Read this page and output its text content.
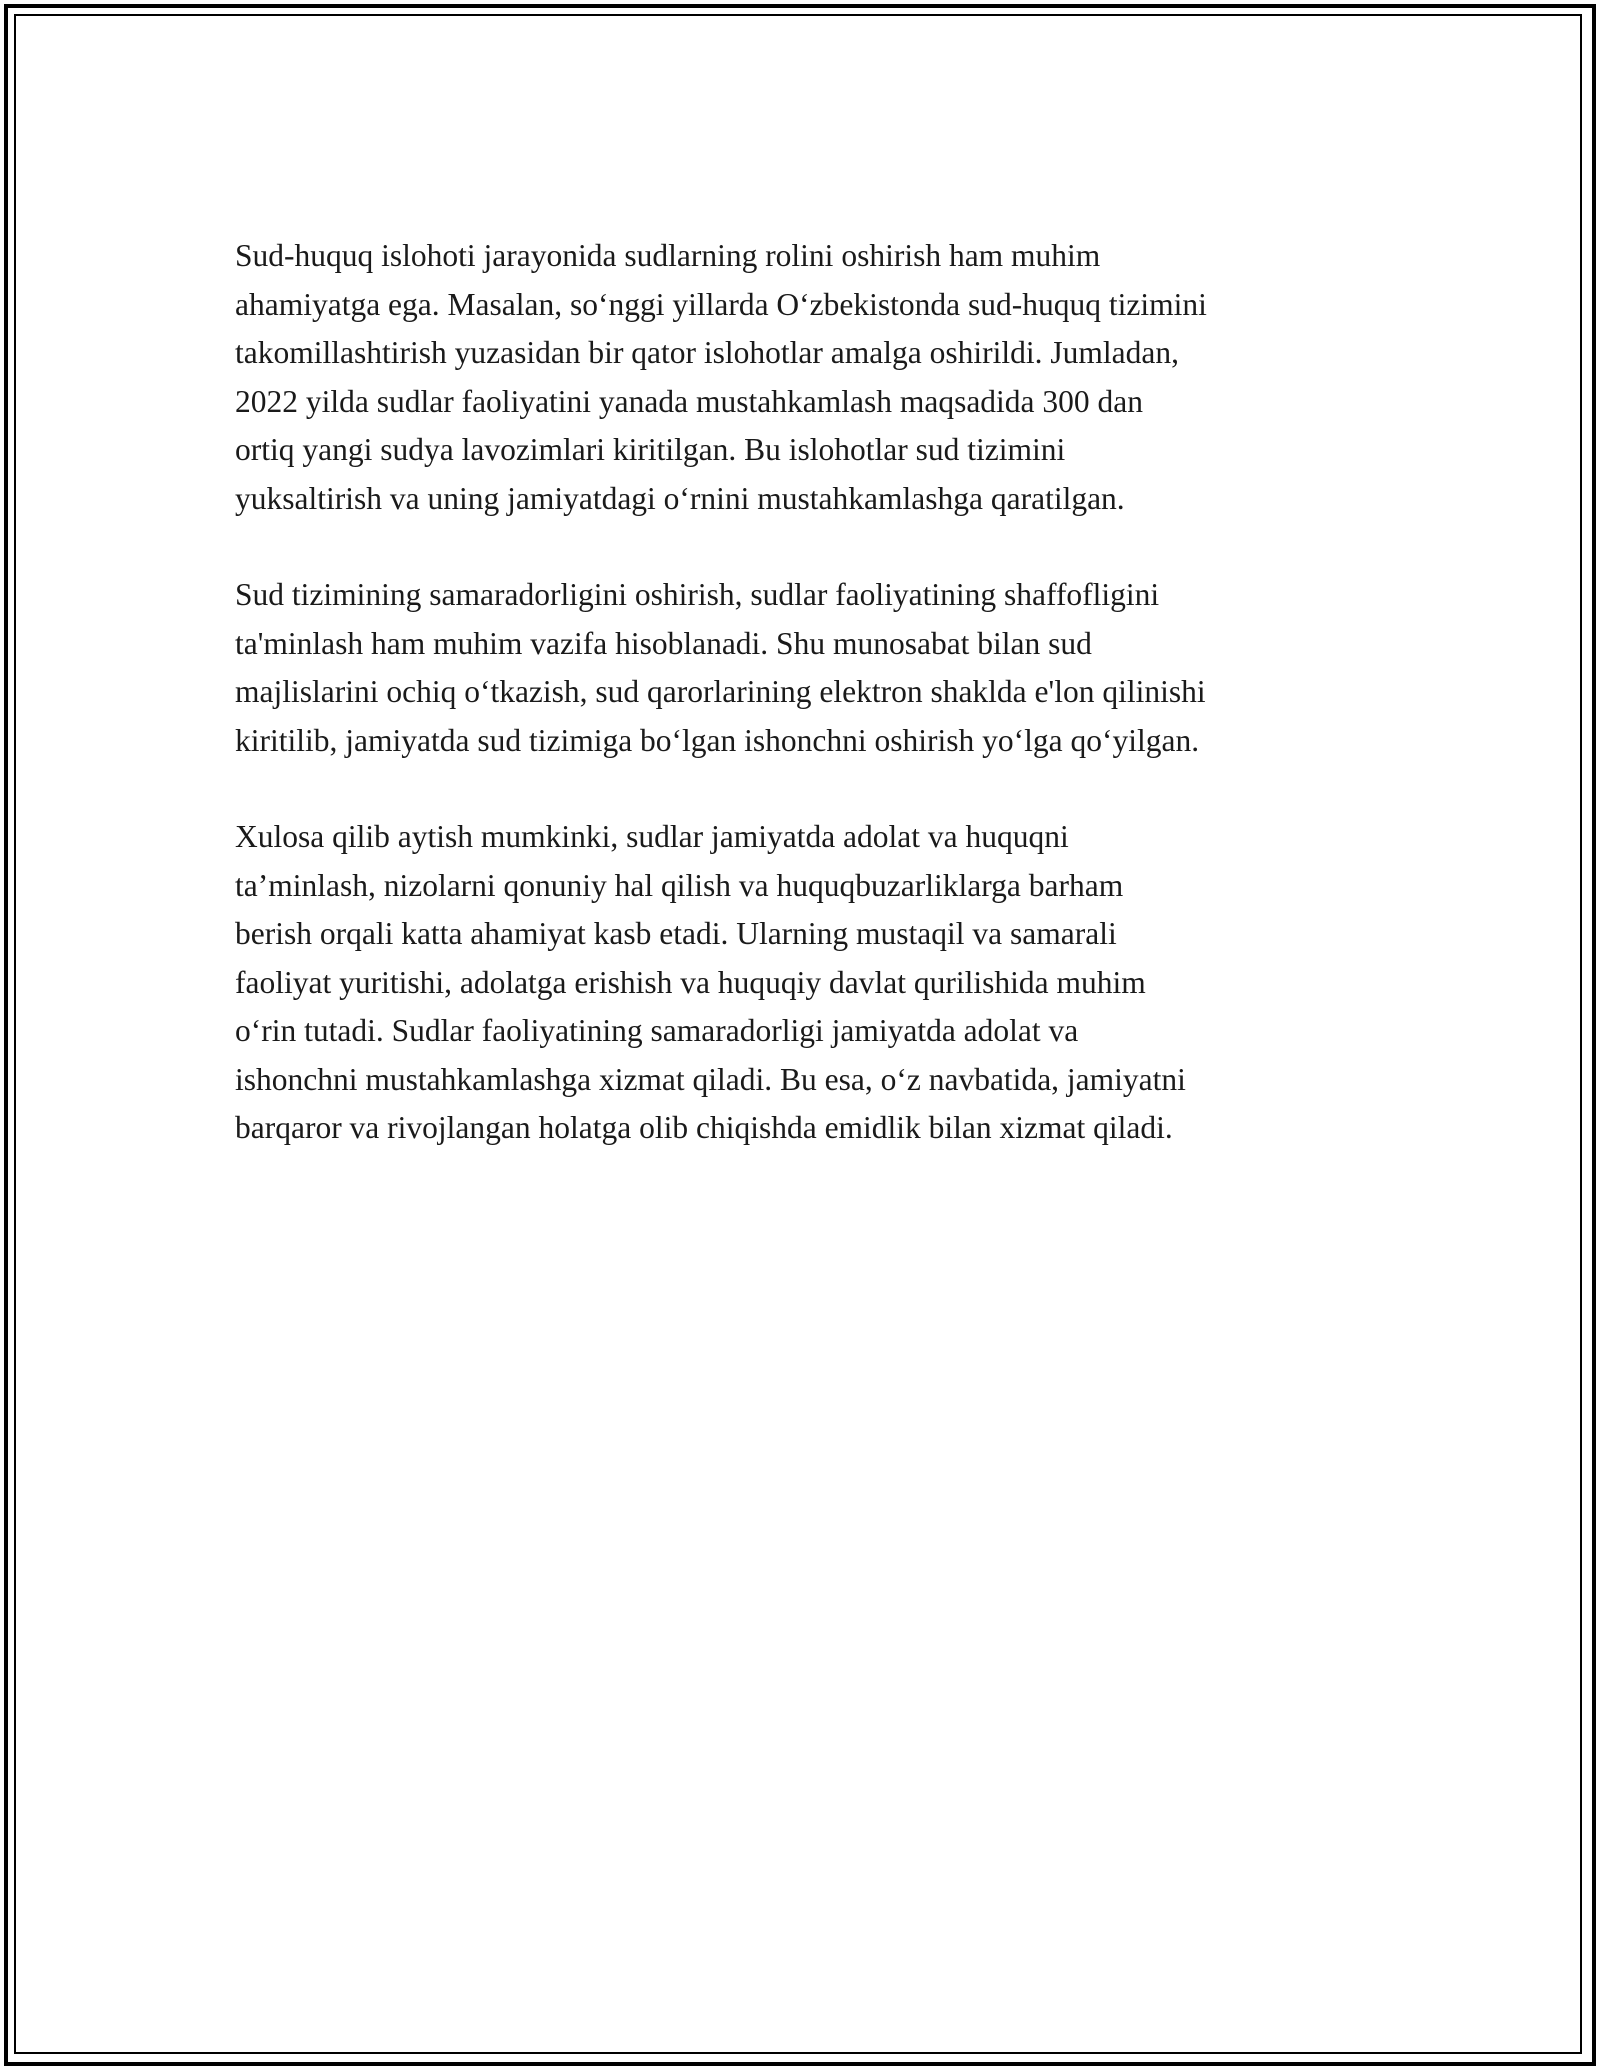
Sud-huquq islohoti jarayonida sudlarning rolini oshirish ham muhim
ahamiyatga ega. Masalan, so‘nggi yillarda O‘zbekistonda sud-huquq tizimini
takomillashtirish yuzasidan bir qator islohotlar amalga oshirildi. Jumladan,
2022 yilda sudlar faoliyatini yanada mustahkamlash maqsadida 300 dan
ortiq yangi sudya lavozimlari kiritilgan. Bu islohotlar sud tizimini
yuksaltirish va uning jamiyatdagi o‘rnini mustahkamlashga qaratilgan.

Sud tizimining samaradorligini oshirish, sudlar faoliyatining shaffofligini
ta'minlash ham muhim vazifa hisoblanadi. Shu munosabat bilan sud
majlislarini ochiq o‘tkazish, sud qarorlarining elektron shaklda e'lon qilinishi
kiritilib, jamiyatda sud tizimiga bo‘lgan ishonchni oshirish yo‘lga qo‘yilgan.

Xulosa qilib aytish mumkinki, sudlar jamiyatda adolat va huquqni
ta’minlash, nizolarni qonuniy hal qilish va huquqbuzarliklarga barham
berish orqali katta ahamiyat kasb etadi. Ularning mustaqil va samarali
faoliyat yuritishi, adolatga erishish va huquqiy davlat qurilishida muhim
o‘rin tutadi. Sudlar faoliyatining samaradorligi jamiyatda adolat va
ishonchni mustahkamlashga xizmat qiladi. Bu esa, o‘z navbatida, jamiyatni
barqaror va rivojlangan holatga olib chiqishda emidlik bilan xizmat qiladi.
